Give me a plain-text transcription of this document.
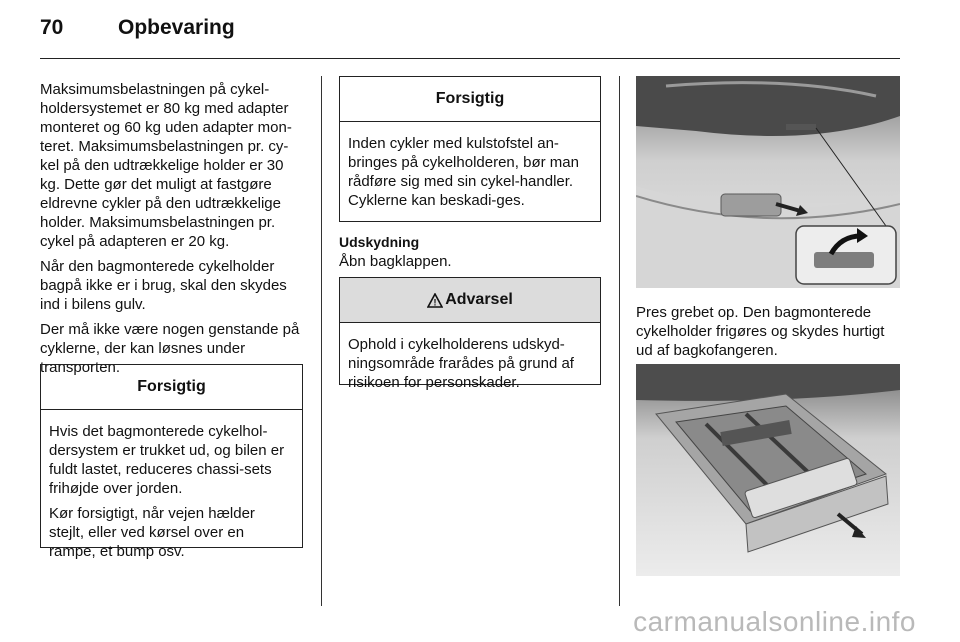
70	Opbevaring

Maksimumsbelastningen på cykel-holdersystemet er 80 kg med adapter monteret og 60 kg uden adapter mon-teret. Maksimumsbelastningen pr. cy-kel på den udtrækkelige holder er 30 kg. Dette gør det muligt at fastgøre eldrevne cykler på den udtrækkelige holder. Maksimumsbelastningen pr. cykel på adapteren er 20 kg.

Når den bagmonterede cykelholder bagpå ikke er i brug, skal den skydes ind i bilens gulv.

Der må ikke være nogen genstande på cyklerne, der kan løsnes under transporten.

Forsigtig

Hvis det bagmonterede cykelhol-dersystem er trukket ud, og bilen er fuldt lastet, reduceres chassi-sets frihøjde over jorden.

Kør forsigtigt, når vejen hælder stejlt, eller ved kørsel over en rampe, et bump osv.

Forsigtig

Inden cykler med kulstofstel an-bringes på cykelholderen, bør man rådføre sig med sin cykel-handler. Cyklerne kan beskadi-ges.

Udskydning
Åbn bagklappen.
! Advarsel

Ophold i cykelholderens udskyd-ningsområde frarådes på grund af risikoen for personskader.

Pres grebet op. Den bagmonterede cykelholder frigøres og skydes hurtigt ud af bagkofangeren.

carmanualsonline.info
